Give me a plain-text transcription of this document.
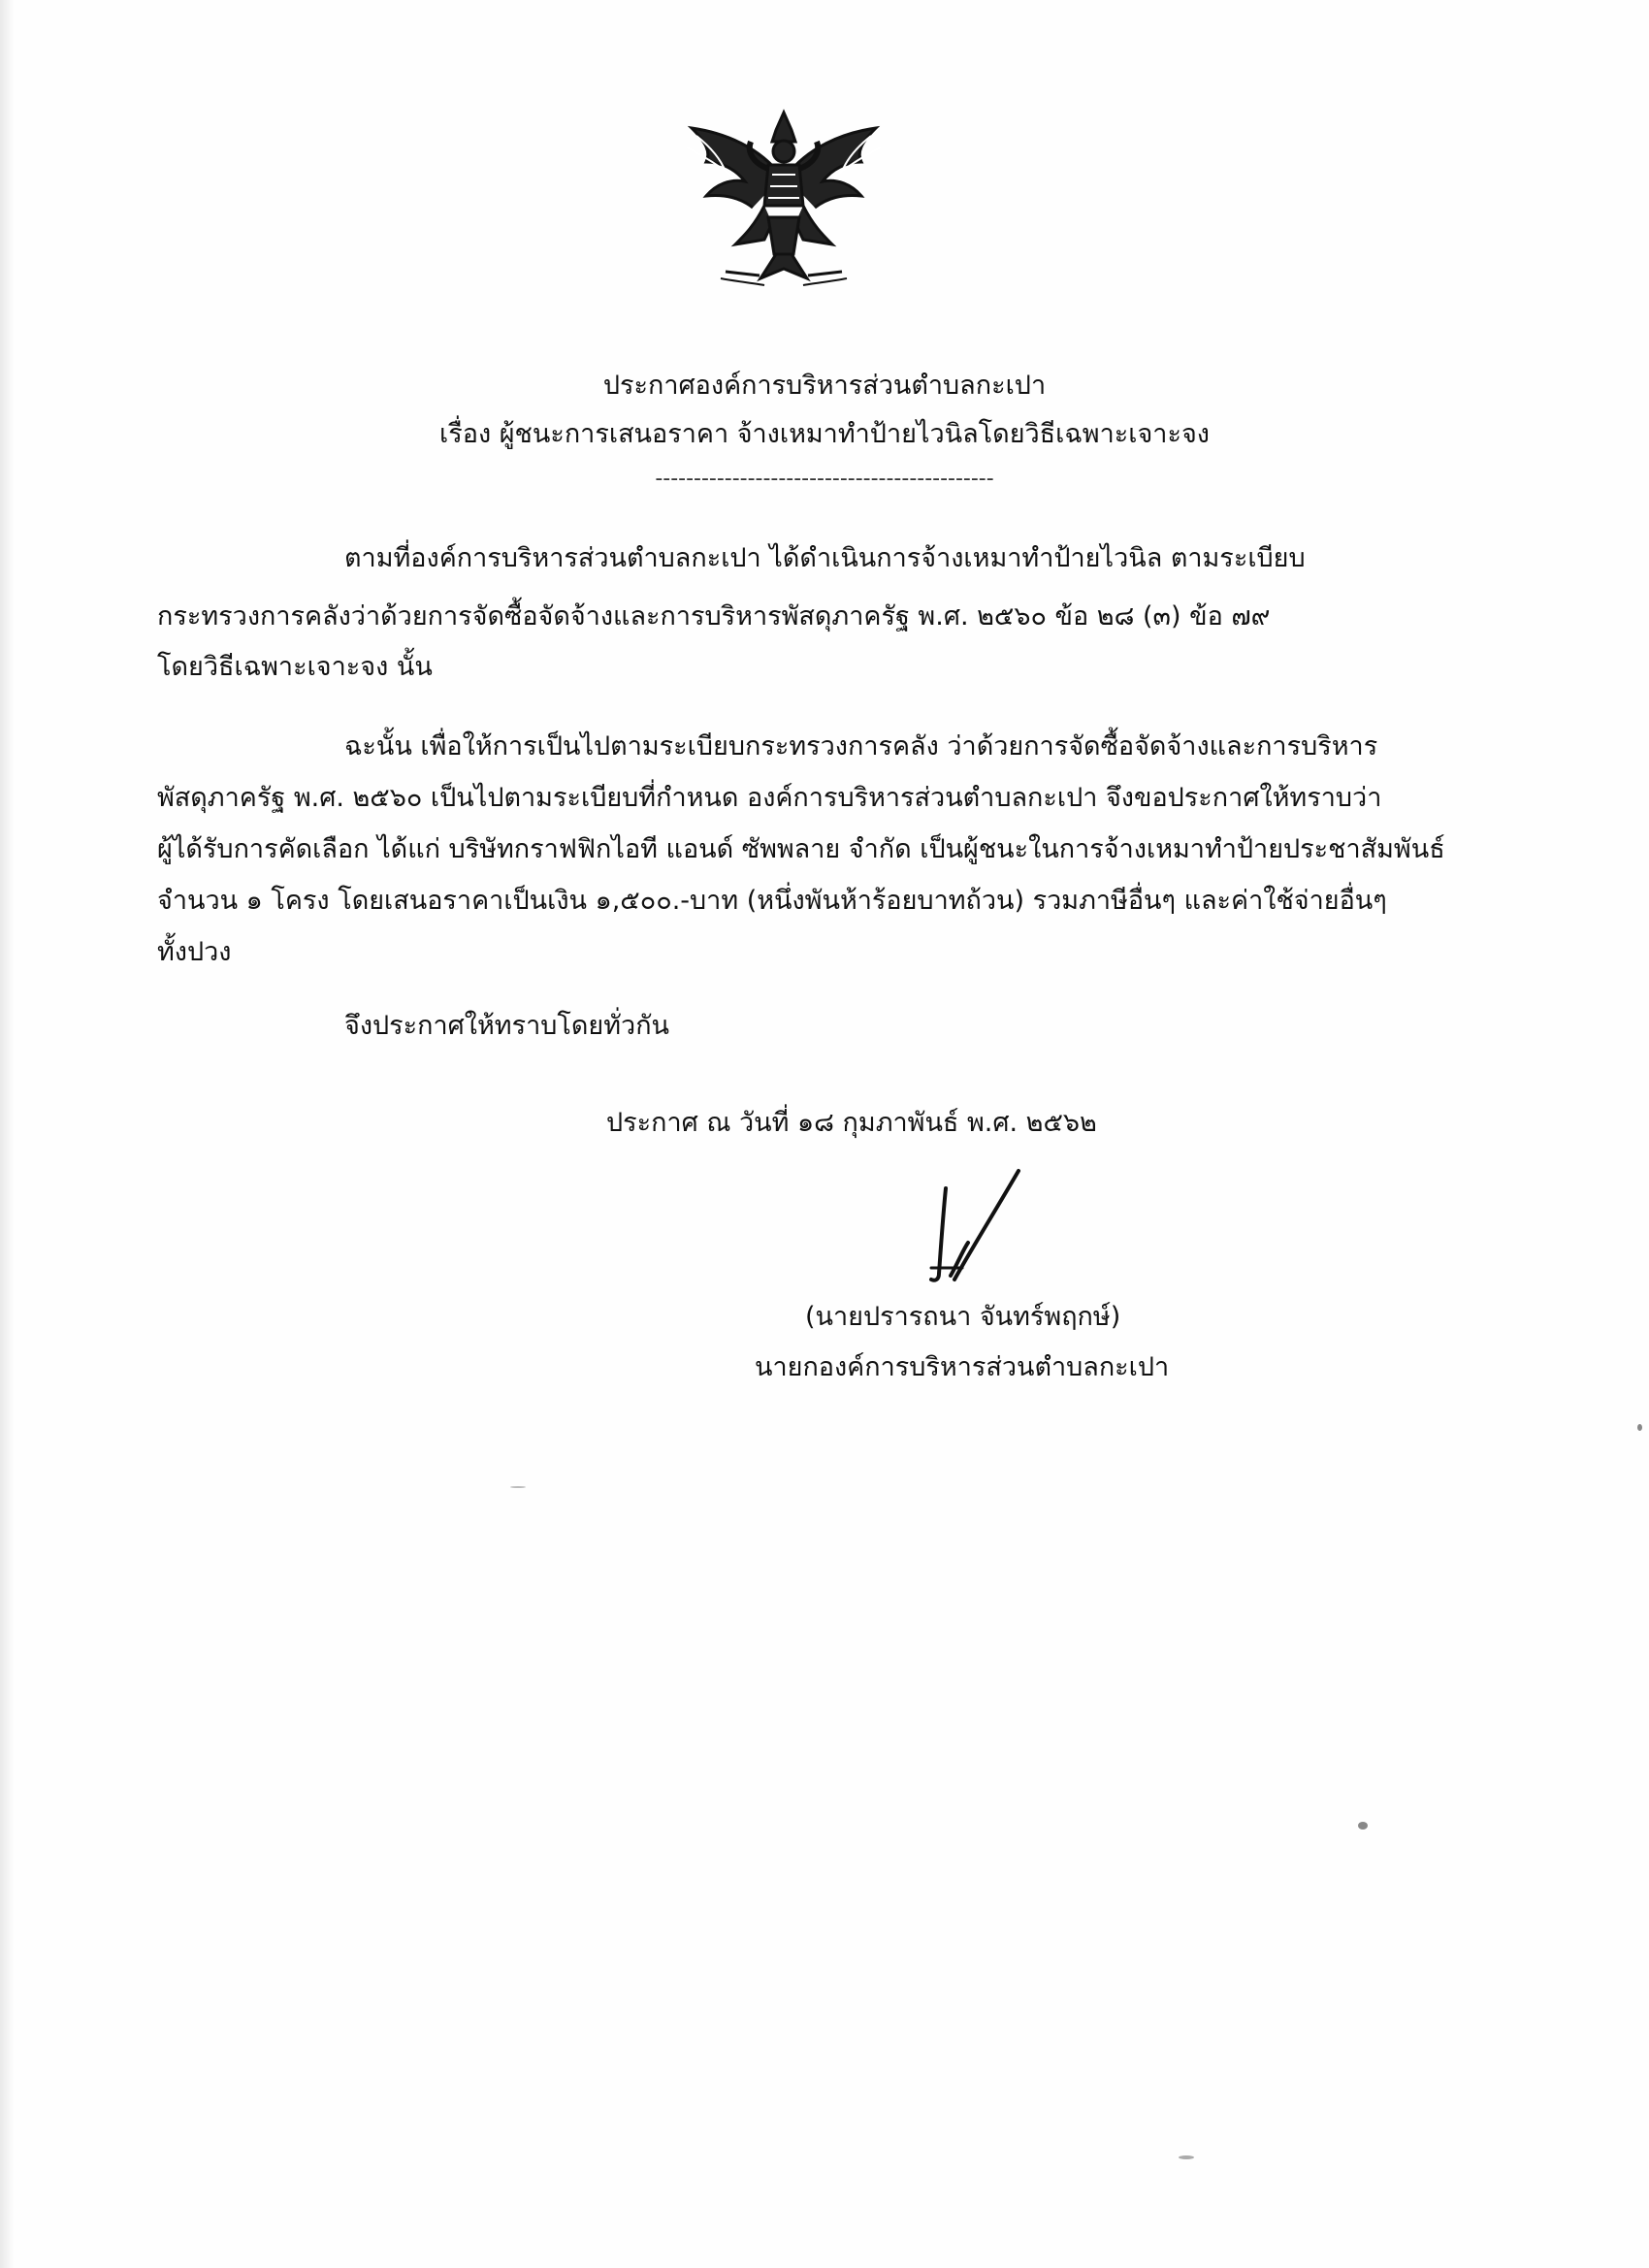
ประกาศองค์การบริหารส่วนตำบลกะเปา
เรื่อง ผู้ชนะการเสนอราคา จ้างเหมาทำป้ายไวนิลโดยวิธีเฉพาะเจาะจง
--------------------------------------------
ตามที่องค์การบริหารส่วนตำบลกะเปา ได้ดำเนินการจ้างเหมาทำป้ายไวนิล ตามระเบียบ
กระทรวงการคลังว่าด้วยการจัดซื้อจัดจ้างและการบริหารพัสดุภาครัฐ พ.ศ. ๒๕๖๐ ข้อ ๒๘ (๓) ข้อ ๗๙
โดยวิธีเฉพาะเจาะจง นั้น
ฉะนั้น เพื่อให้การเป็นไปตามระเบียบกระทรวงการคลัง ว่าด้วยการจัดซื้อจัดจ้างและการบริหาร
พัสดุภาครัฐ พ.ศ. ๒๕๖๐ เป็นไปตามระเบียบที่กำหนด องค์การบริหารส่วนตำบลกะเปา จึงขอประกาศให้ทราบว่า
ผู้ได้รับการคัดเลือก ได้แก่ บริษัทกราฟฟิกไอที แอนด์ ซัพพลาย จำกัด เป็นผู้ชนะในการจ้างเหมาทำป้ายประชาสัมพันธ์
จำนวน ๑ โครง โดยเสนอราคาเป็นเงิน ๑,๕๐๐.-บาท (หนึ่งพันห้าร้อยบาทถ้วน) รวมภาษีอื่นๆ และค่าใช้จ่ายอื่นๆ
ทั้งปวง
จึงประกาศให้ทราบโดยทั่วกัน
ประกาศ ณ วันที่ ๑๘ กุมภาพันธ์ พ.ศ. ๒๕๖๒
(นายปรารถนา จันทร์พฤกษ์)
นายกองค์การบริหารส่วนตำบลกะเปา
